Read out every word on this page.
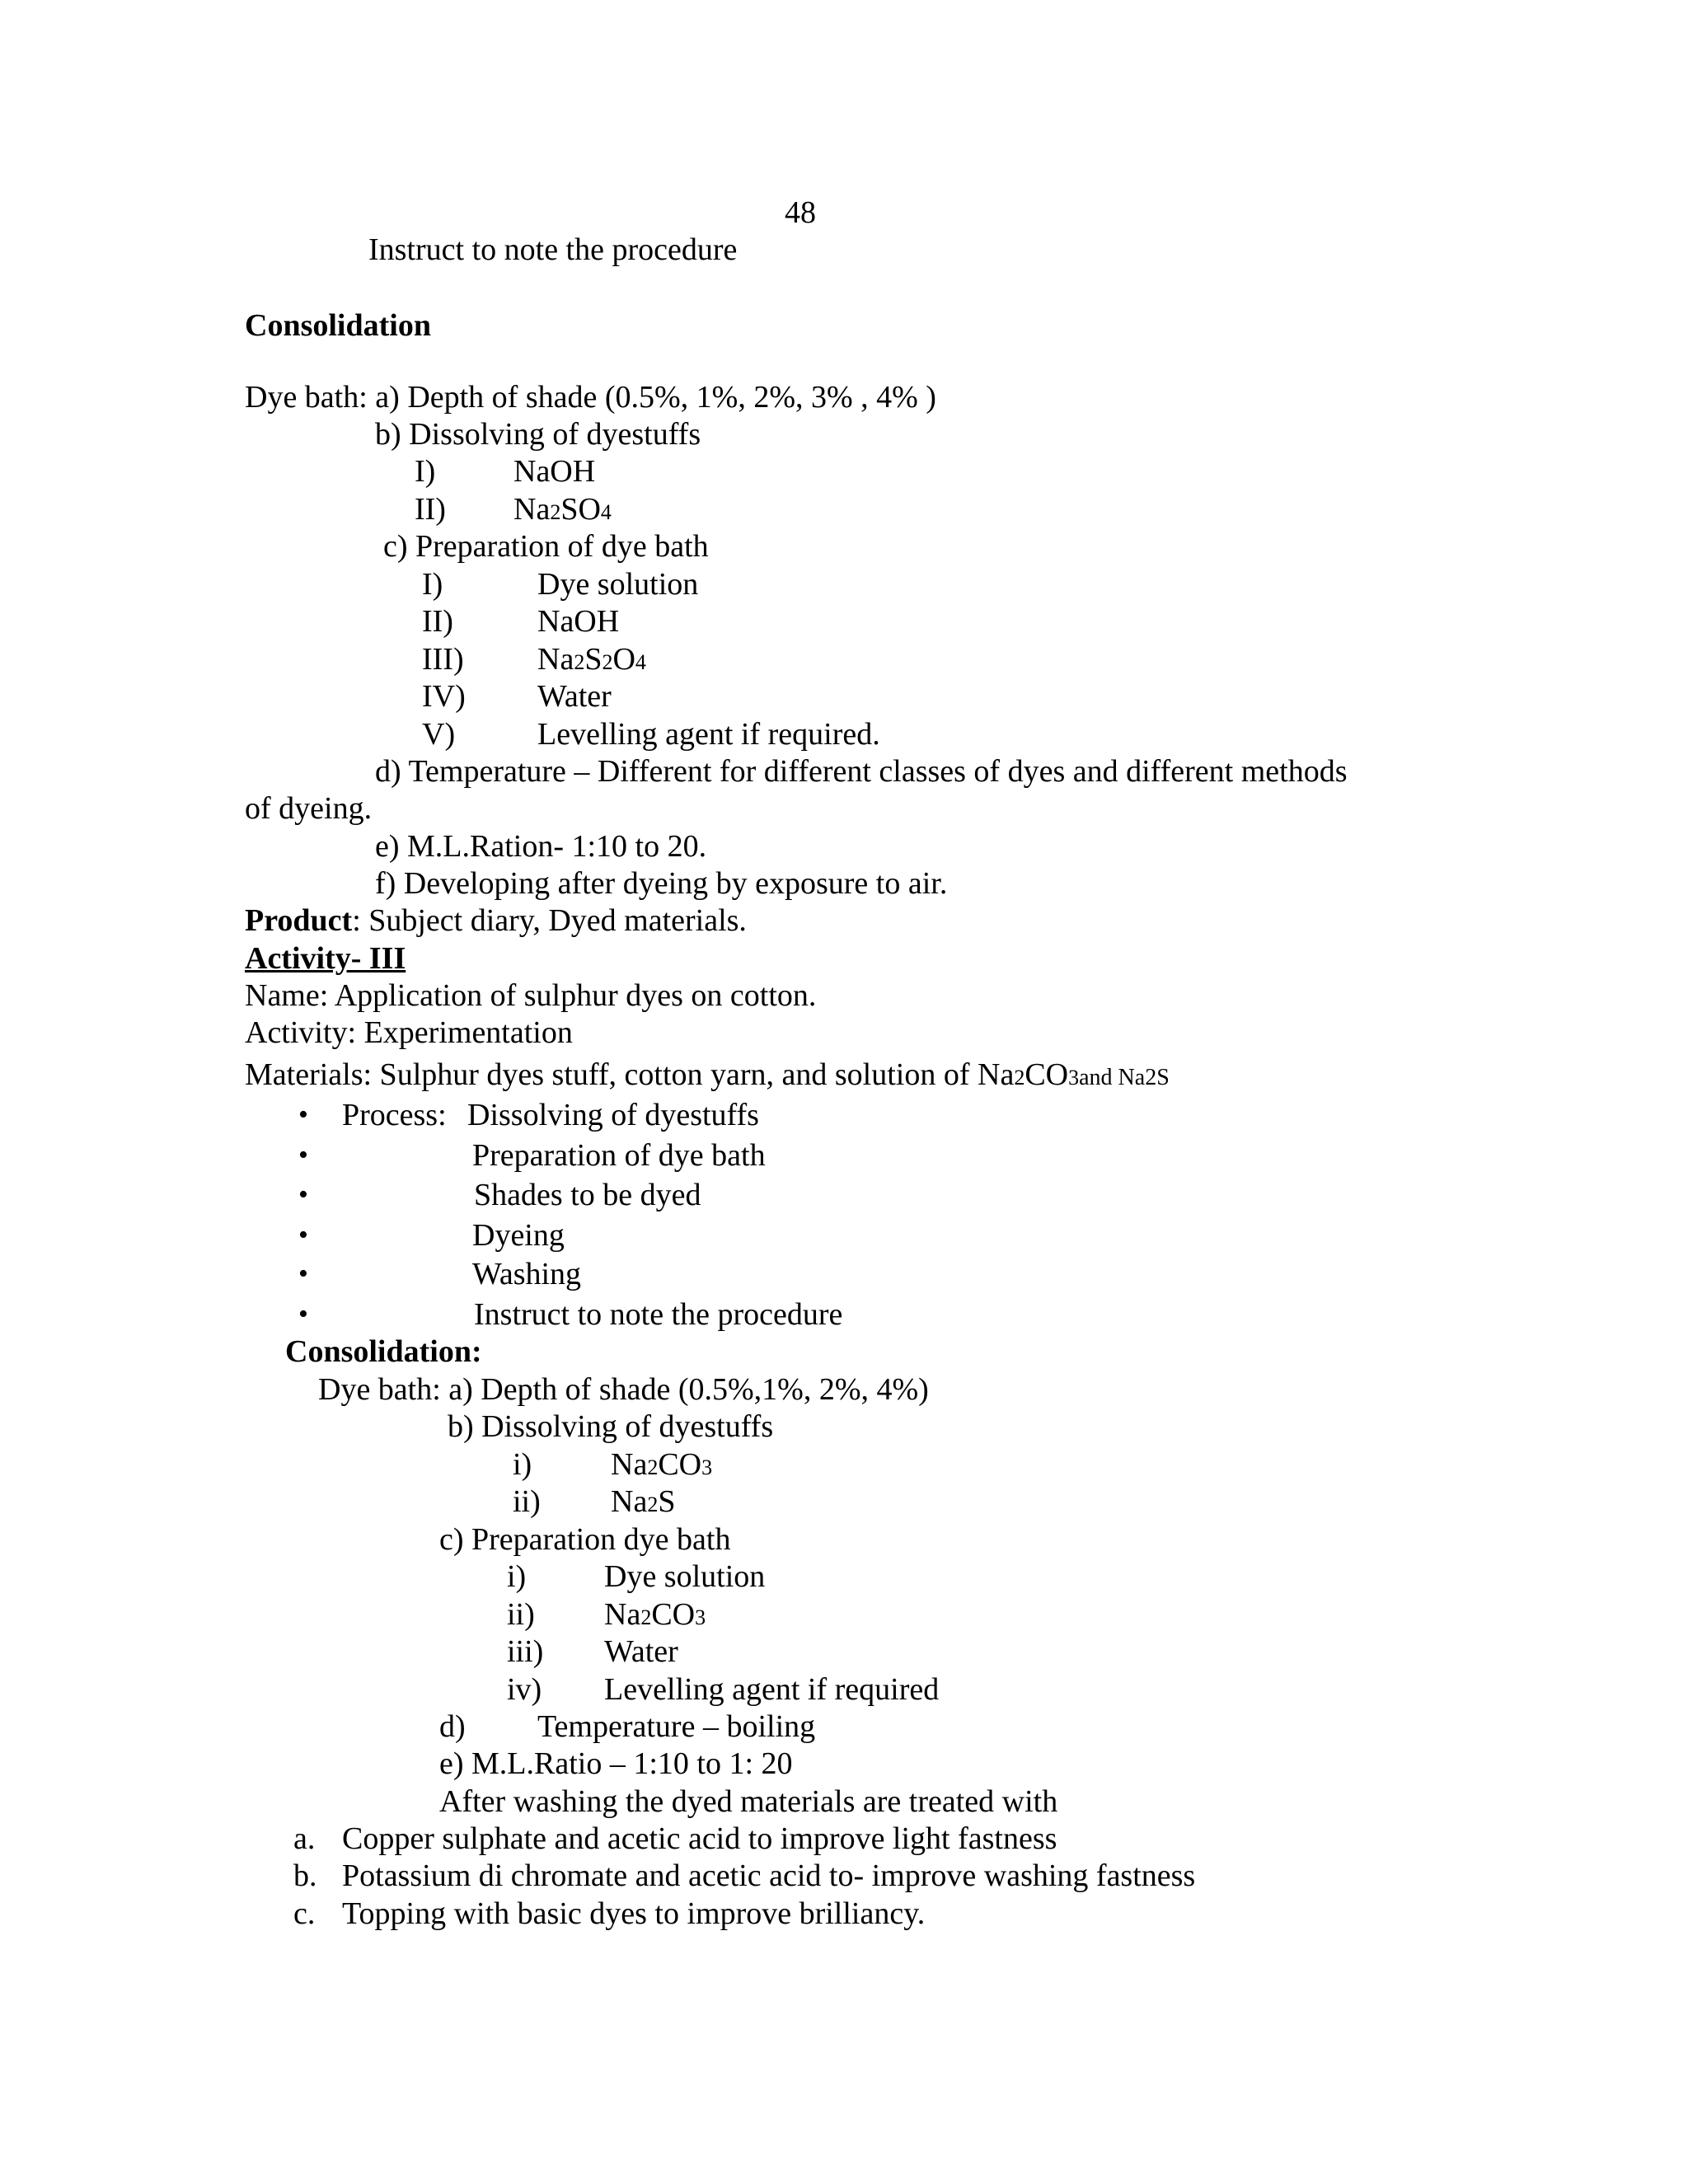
48
Instruct to note the procedure
Consolidation
Dye bath:
a) Depth of shade (0.5%, 1%, 2%, 3% , 4% )
b) Dissolving of dyestuffs
I) NaOH
II) Na 2 SO 4
c) Preparation of dye bath
I)	Dye solution
II)	NaOH
III) Na 2 S 2 O 4
IV) Water
V)	Levelling agent if required.
d) Temperature – Different for different classes of dyes and different methods
of dyeing.
e) M.L.Ration- 1:10 to 20.
f) Developing after dyeing by exposure to air.
Product : Subject diary, Dyed materials.
Activity- III
Name: Application of sulphur dyes on cotton.
Activity: Experimentation
Materials: Sulphur dyes stuff, cotton yarn, and solution of Na 2 CO 3 and Na 2 S
• Process: Dissolving of dyestuffs
•	Preparation of dye bath
•	Shades to be dyed
•	Dyeing
•	Washing
•	Instruct to note the procedure
Consolidation:
Dye bath: a) Depth of shade (0.5%,1%, 2%, 4%)
b) Dissolving of dyestuffs
i)	Na 2 CO 3
ii) Na 2 S
c) Preparation dye bath
i) Dye solution
ii) Na 2 CO 3
iii) Water
iv) Levelling agent if required
d) Temperature – boiling
e) M.L.Ratio – 1:10 to 1: 20
After washing the dyed materials are treated with
a. Copper sulphate and acetic acid to improve light fastness
b. Potassium di chromate and acetic acid to- improve washing fastness
c. Topping with basic dyes to improve brilliancy.
